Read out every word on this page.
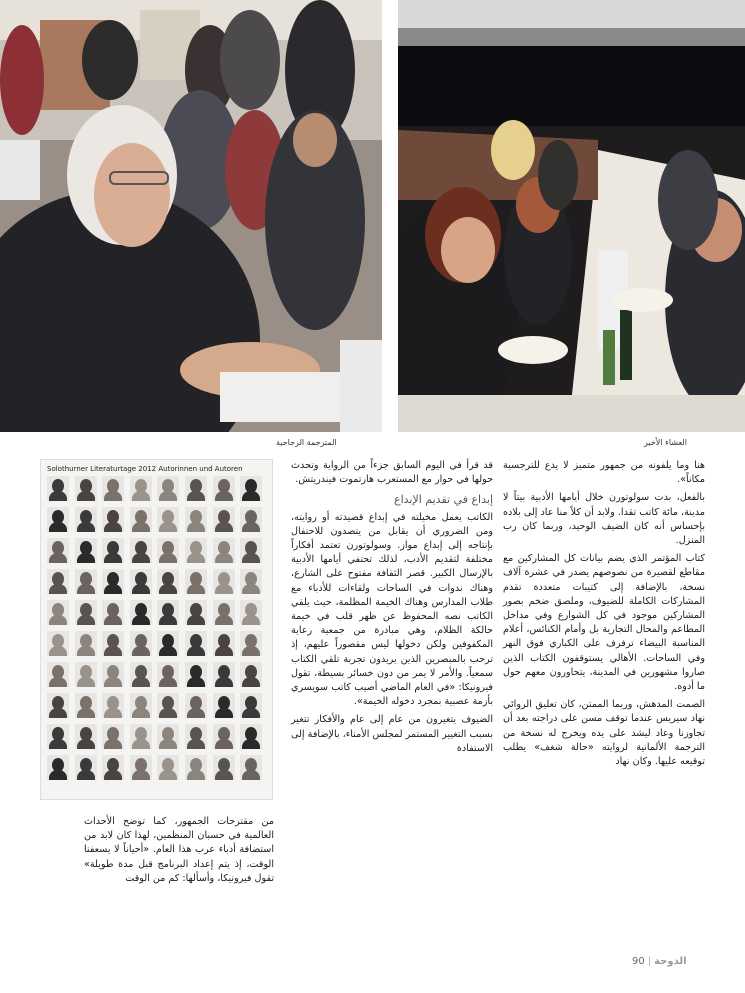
المترجمة الزجاجية	العشاء الأخير

هنا وما يلفونه من جمهور متميز لا يدع للترجسية مكاناً».

بالفعل، بدت سولوتورن خلال أيامها الأدبية بيتاً لا مدينة، مائة كاتب تقدا. ولابد أن كلاً منا عاد إلى بلاده بإحساس أنه كان الضيف الوحيد، وربما كان رب المنزل.

كتاب المؤتمر الذي يضم بيانات كل المشاركين مع مقاطع لقصيرة من نصوصهم يصدر في عشرة آلاف نسخة، بالإضافة إلى كتيبات متعددة تقدم المشاركات الكاملة للضيوف، وملصق ضخم بصور المشاركين موجود في كل الشوارع وفي مداخل المطاعم والمحال التجارية بل وأمام الكنائس، أعلام المناسبة البيضاء ترفرف على الكباري فوق النهر وفي الساحات. الأهالي يستوقفون الكتاب الذين صاروا مشهورين في المدينة، يتحاورون معهم حول ما أدوه.

الصمت المدهش، وربما الممتن، كان تعليق الروائي نهاد سيريس عندما توقف مسن على دراجته بعد أن تجاوزنا وعاد ليشد على يده ويخرج له نسخة من الترجمة الألمانية لروايته «حالة شغف» يطلب توقيعه عليها. وكان نهاد

قد قرأ في اليوم السابق جزءاً من الرواية وتحدث حولها في حوار مع المستعرب هارتموت فيندريتش.

إبداع في تقديم الإبداع

الكاتب يعمل مخيلته في إبداع قصيدته أو روايته، ومن الضروري أن يقابل من يتصدون للاحتفال بإنتاجه إلى إبداع مواز. وسولوتورن تعتمد أفكاراً مختلفة لتقديم الأدب، لذلك تحتفي أيامها الأدبية بالإرسال الكبير. قصر الثقافة مفتوح على الشارع، وهناك ندوات في الساحات ولقاءات للأدباء مع طلاب المدارس وهناك الخيمة المظلمة، حيث يلقي الكاتب نصه المحفوظ عن ظهر قلب في خيمة حالكة الظلام، وهي مبادرة من جمعية رعاية المكفوفين ولكن دخولها ليس مقصوراً عليهم، إذ ترحب بالمبصرين الذين يريدون تجربة تلقي الكتاب سمعياً. والأمر لا يمر من دون خسائر بسيطة، تقول فيرونيكا: «في العام الماضي أصيب كاتب سويسري بأزمة عصبية بمجرد دخوله الخيمة».

الضيوف يتغيرون من عام إلى عام والأفكار تتغير بسبب التغيير المستمر لمجلس الأمناء، بالإضافة إلى الاستفادة

Solothurner Literaturtage 2012 Autorinnen und Autoren

من مقترحات الجمهور، كما توضح الأحداث العالمية في حسبان المنظمين، لهذا كان لابد من استضافة أدباء عرب هذا العام. «أحياناً لا يسعفنا الوقت، إذ يتم إعداد البرنامج قبل مدة طويلة» تقول فيرونيكا، وأسألها: كم من الوقت

الدوحة|90
